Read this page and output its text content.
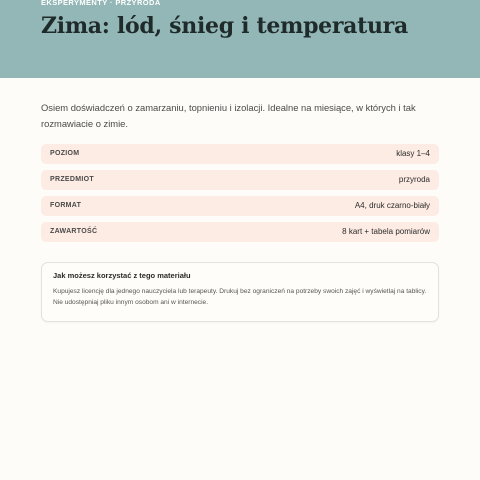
EKSPERYMENTY · PRZYRODA
Zima: lód, śnieg i temperatura

Osiem doświadczeń o zamarzaniu, topnieniu i izolacji. Idealne na miesiące, w których i tak rozmawiacie o zimie.

POZIOM	klasy 1–4
PRZEDMIOT	przyroda
FORMAT	A4, druk czarno-biały
ZAWARTOŚĆ	8 kart + tabela pomiarów
Jak możesz korzystać z tego materiału
Kupujesz licencję dla jednego nauczyciela lub terapeuty. Drukuj bez ograniczeń na potrzeby swoich zajęć i wyświetlaj na tablicy. Nie udostępniaj pliku innym osobom ani w internecie.
